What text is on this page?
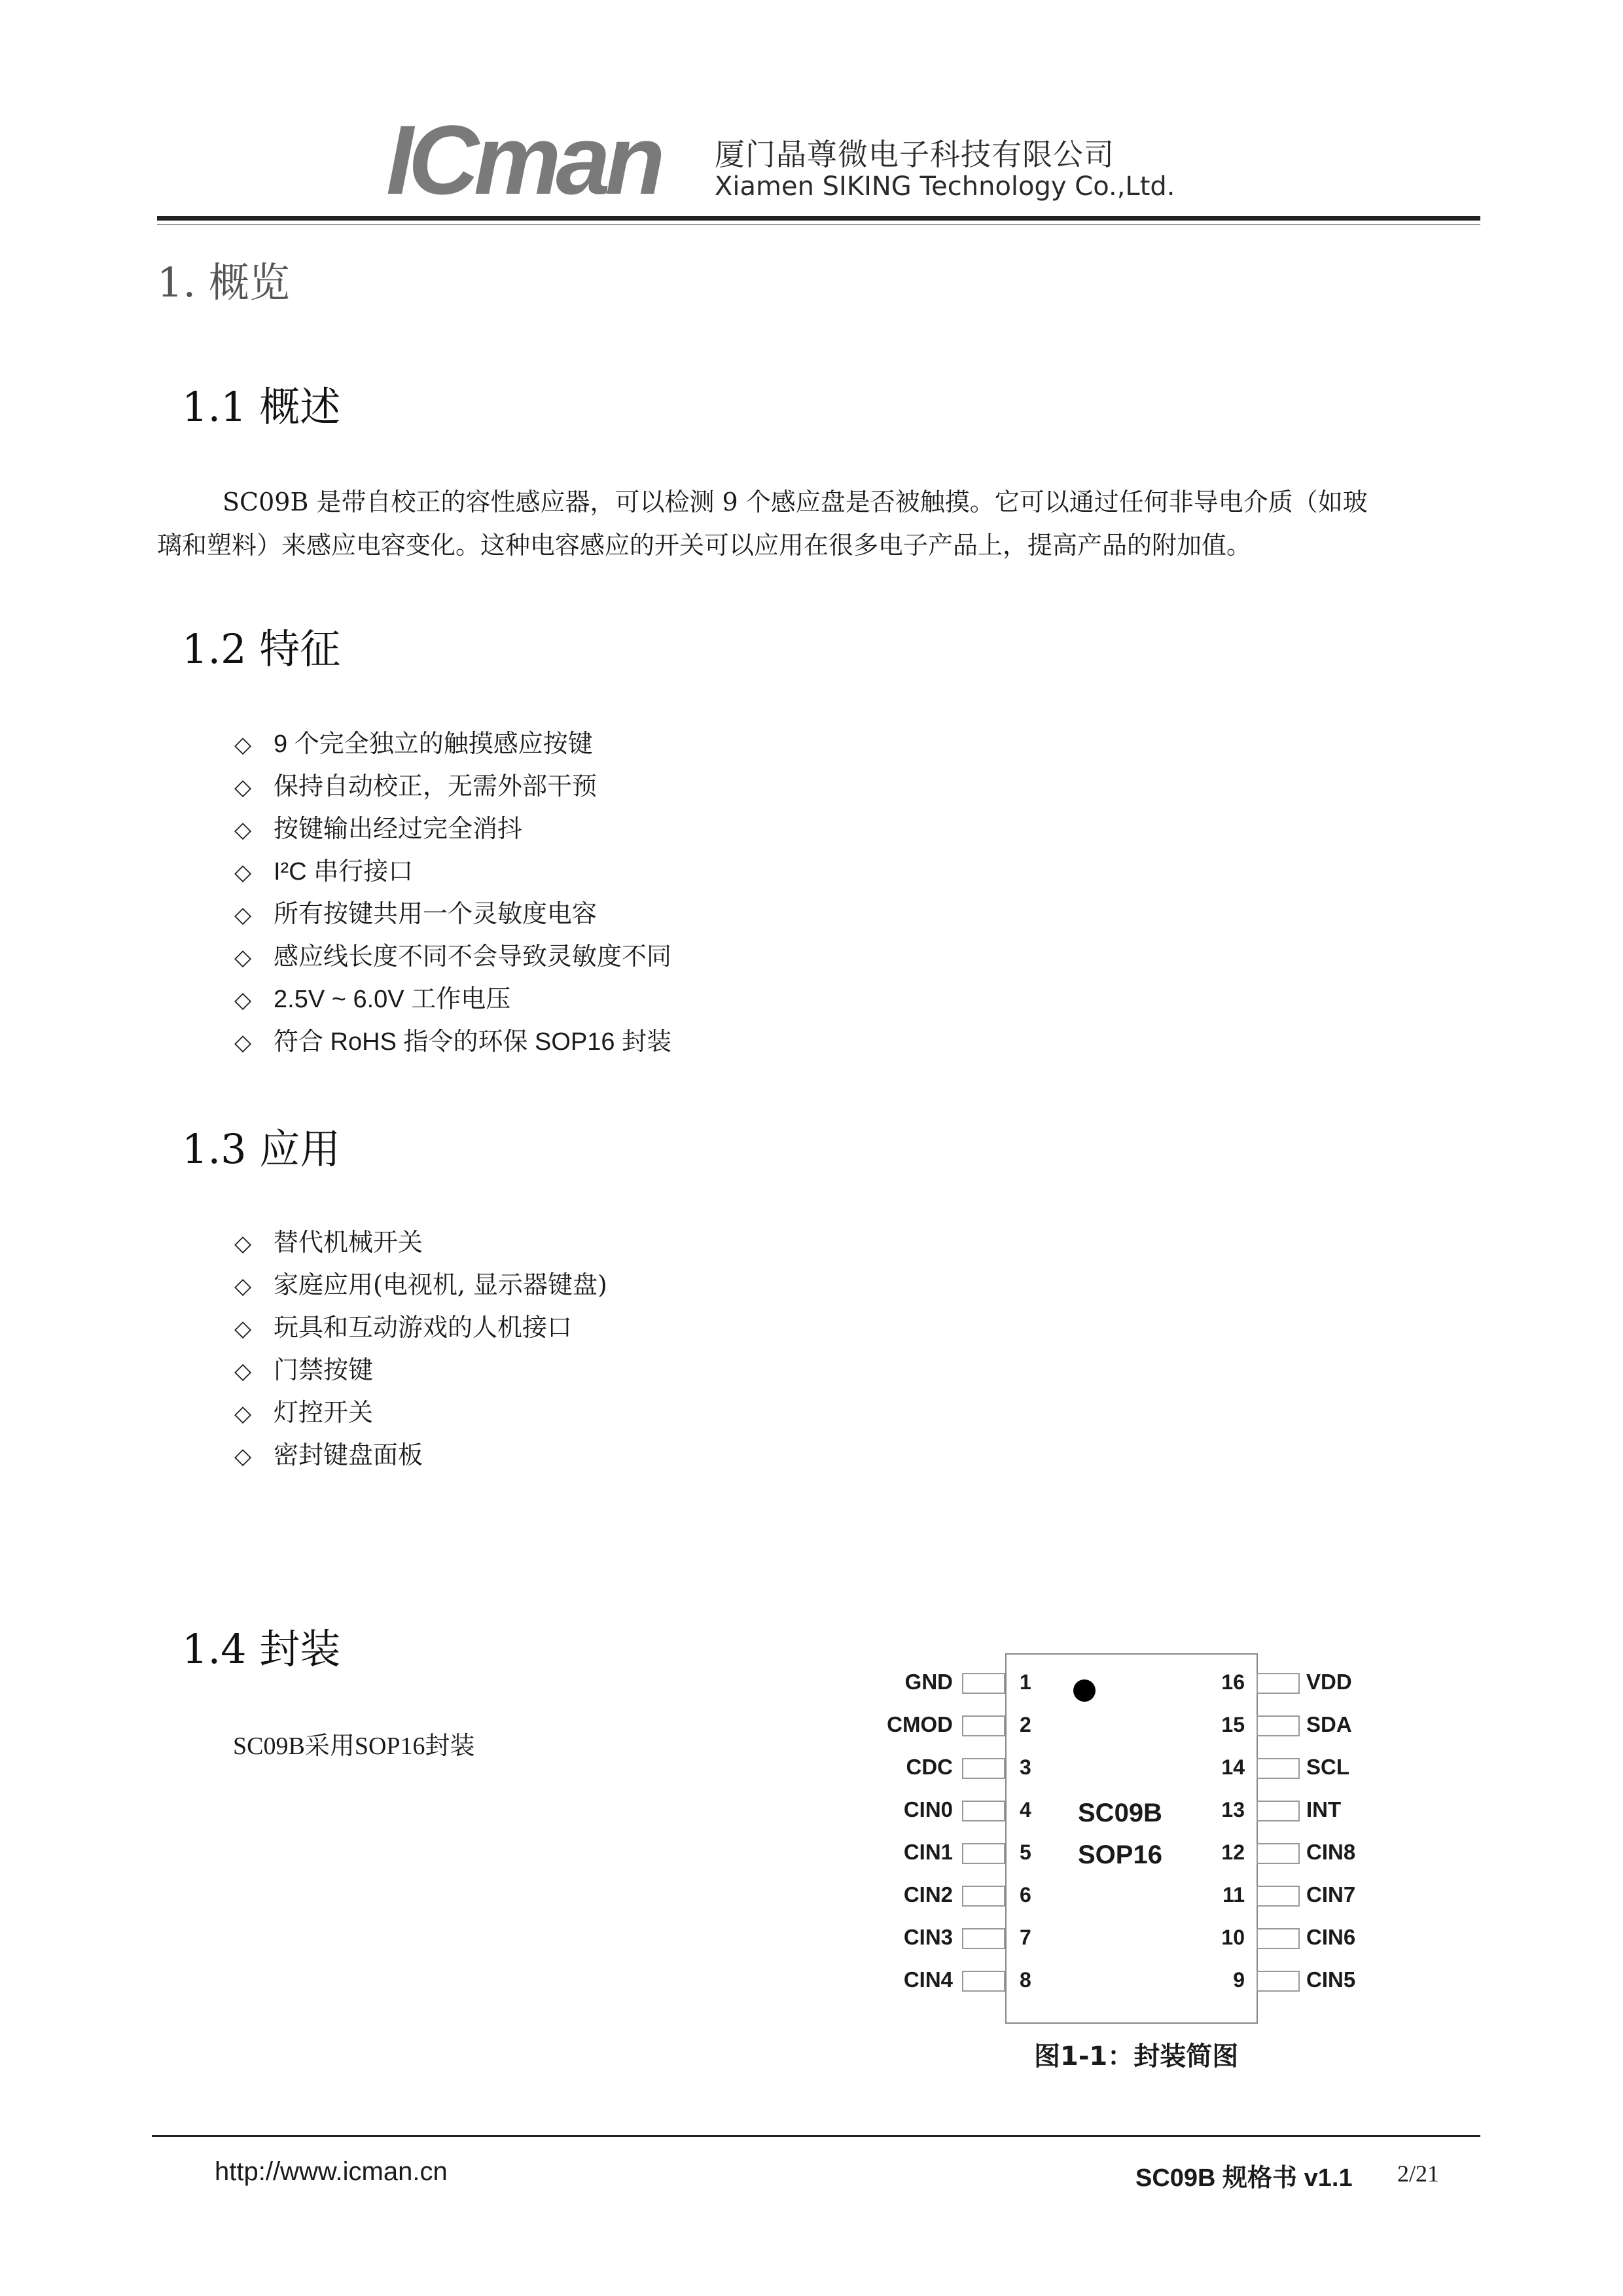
ICman 厦门晶尊微电子科技有限公司
Xiamen SIKING Technology Co.,Ltd.
1. 概览
1.1 概述
SC09B 是带自校正的容性感应器，可以检测 9 个感应盘是否被触摸。它可以通过任何非导电介质（如玻
璃和塑料）来感应电容变化。这种电容感应的开关可以应用在很多电子产品上，提高产品的附加值。
1.2 特征
◇ 9 个完全独立的触摸感应按键
◇ 保持自动校正，无需外部干预
◇ 按键输出经过完全消抖
◇ I²C 串行接口
◇ 所有按键共用一个灵敏度电容
◇ 感应线长度不同不会导致灵敏度不同
◇ 2.5V ~ 6.0V 工作电压
◇ 符合 RoHS 指令的环保 SOP16 封装
1.3 应用
◇ 替代机械开关
◇ 家庭应用(电视机, 显示器键盘)
◇ 玩具和互动游戏的人机接口
◇ 门禁按键
◇ 灯控开关
◇ 密封键盘面板
1.4 封装
SC09B采用SOP16封装
SC09B
SOP16
GND	1
CMOD	2
CDC	3
CIN0	4
CIN1	5
CIN2	6
CIN3	7
CIN4	8
16	VDD
15	SDA
14	SCL
13	INT
12	CIN8
11	CIN7
10	CIN6
9	CIN5
图1-1：封装简图
http://www.icman.cn	SC09B 规格书 v1.1 2/21
